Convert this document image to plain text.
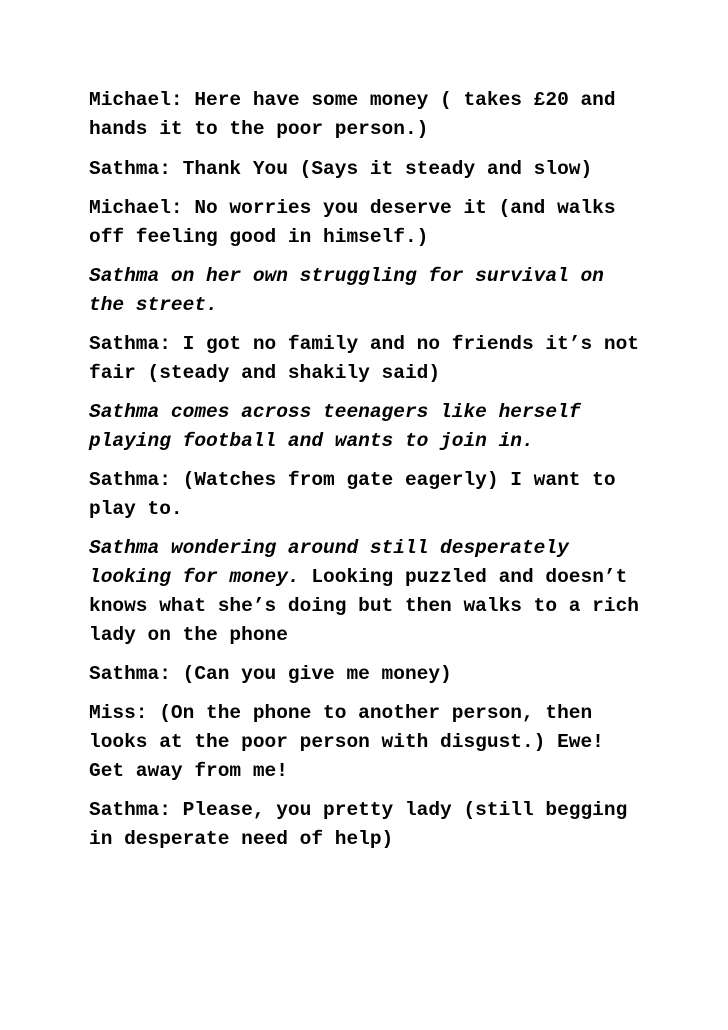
Michael: Here have some money ( takes £20 and hands it to the poor person.)

Sathma: Thank You (Says it steady and slow)

Michael: No worries you deserve it (and walks off feeling good in himself.)

Sathma on her own struggling for survival on the street.

Sathma: I got no family and no friends it’s not fair (steady and shakily said)

Sathma comes across teenagers like herself playing football and wants to join in.

Sathma: (Watches from gate eagerly) I want to play to.

Sathma wondering around still desperately looking for money. Looking puzzled and doesn’t knows what she’s doing but then walks to a rich lady on the phone

Sathma: (Can you give me money)

Miss: (On the phone to another person, then looks at the poor person with disgust.) Ewe! Get away from me!

Sathma: Please, you pretty lady (still begging in desperate need of help)
